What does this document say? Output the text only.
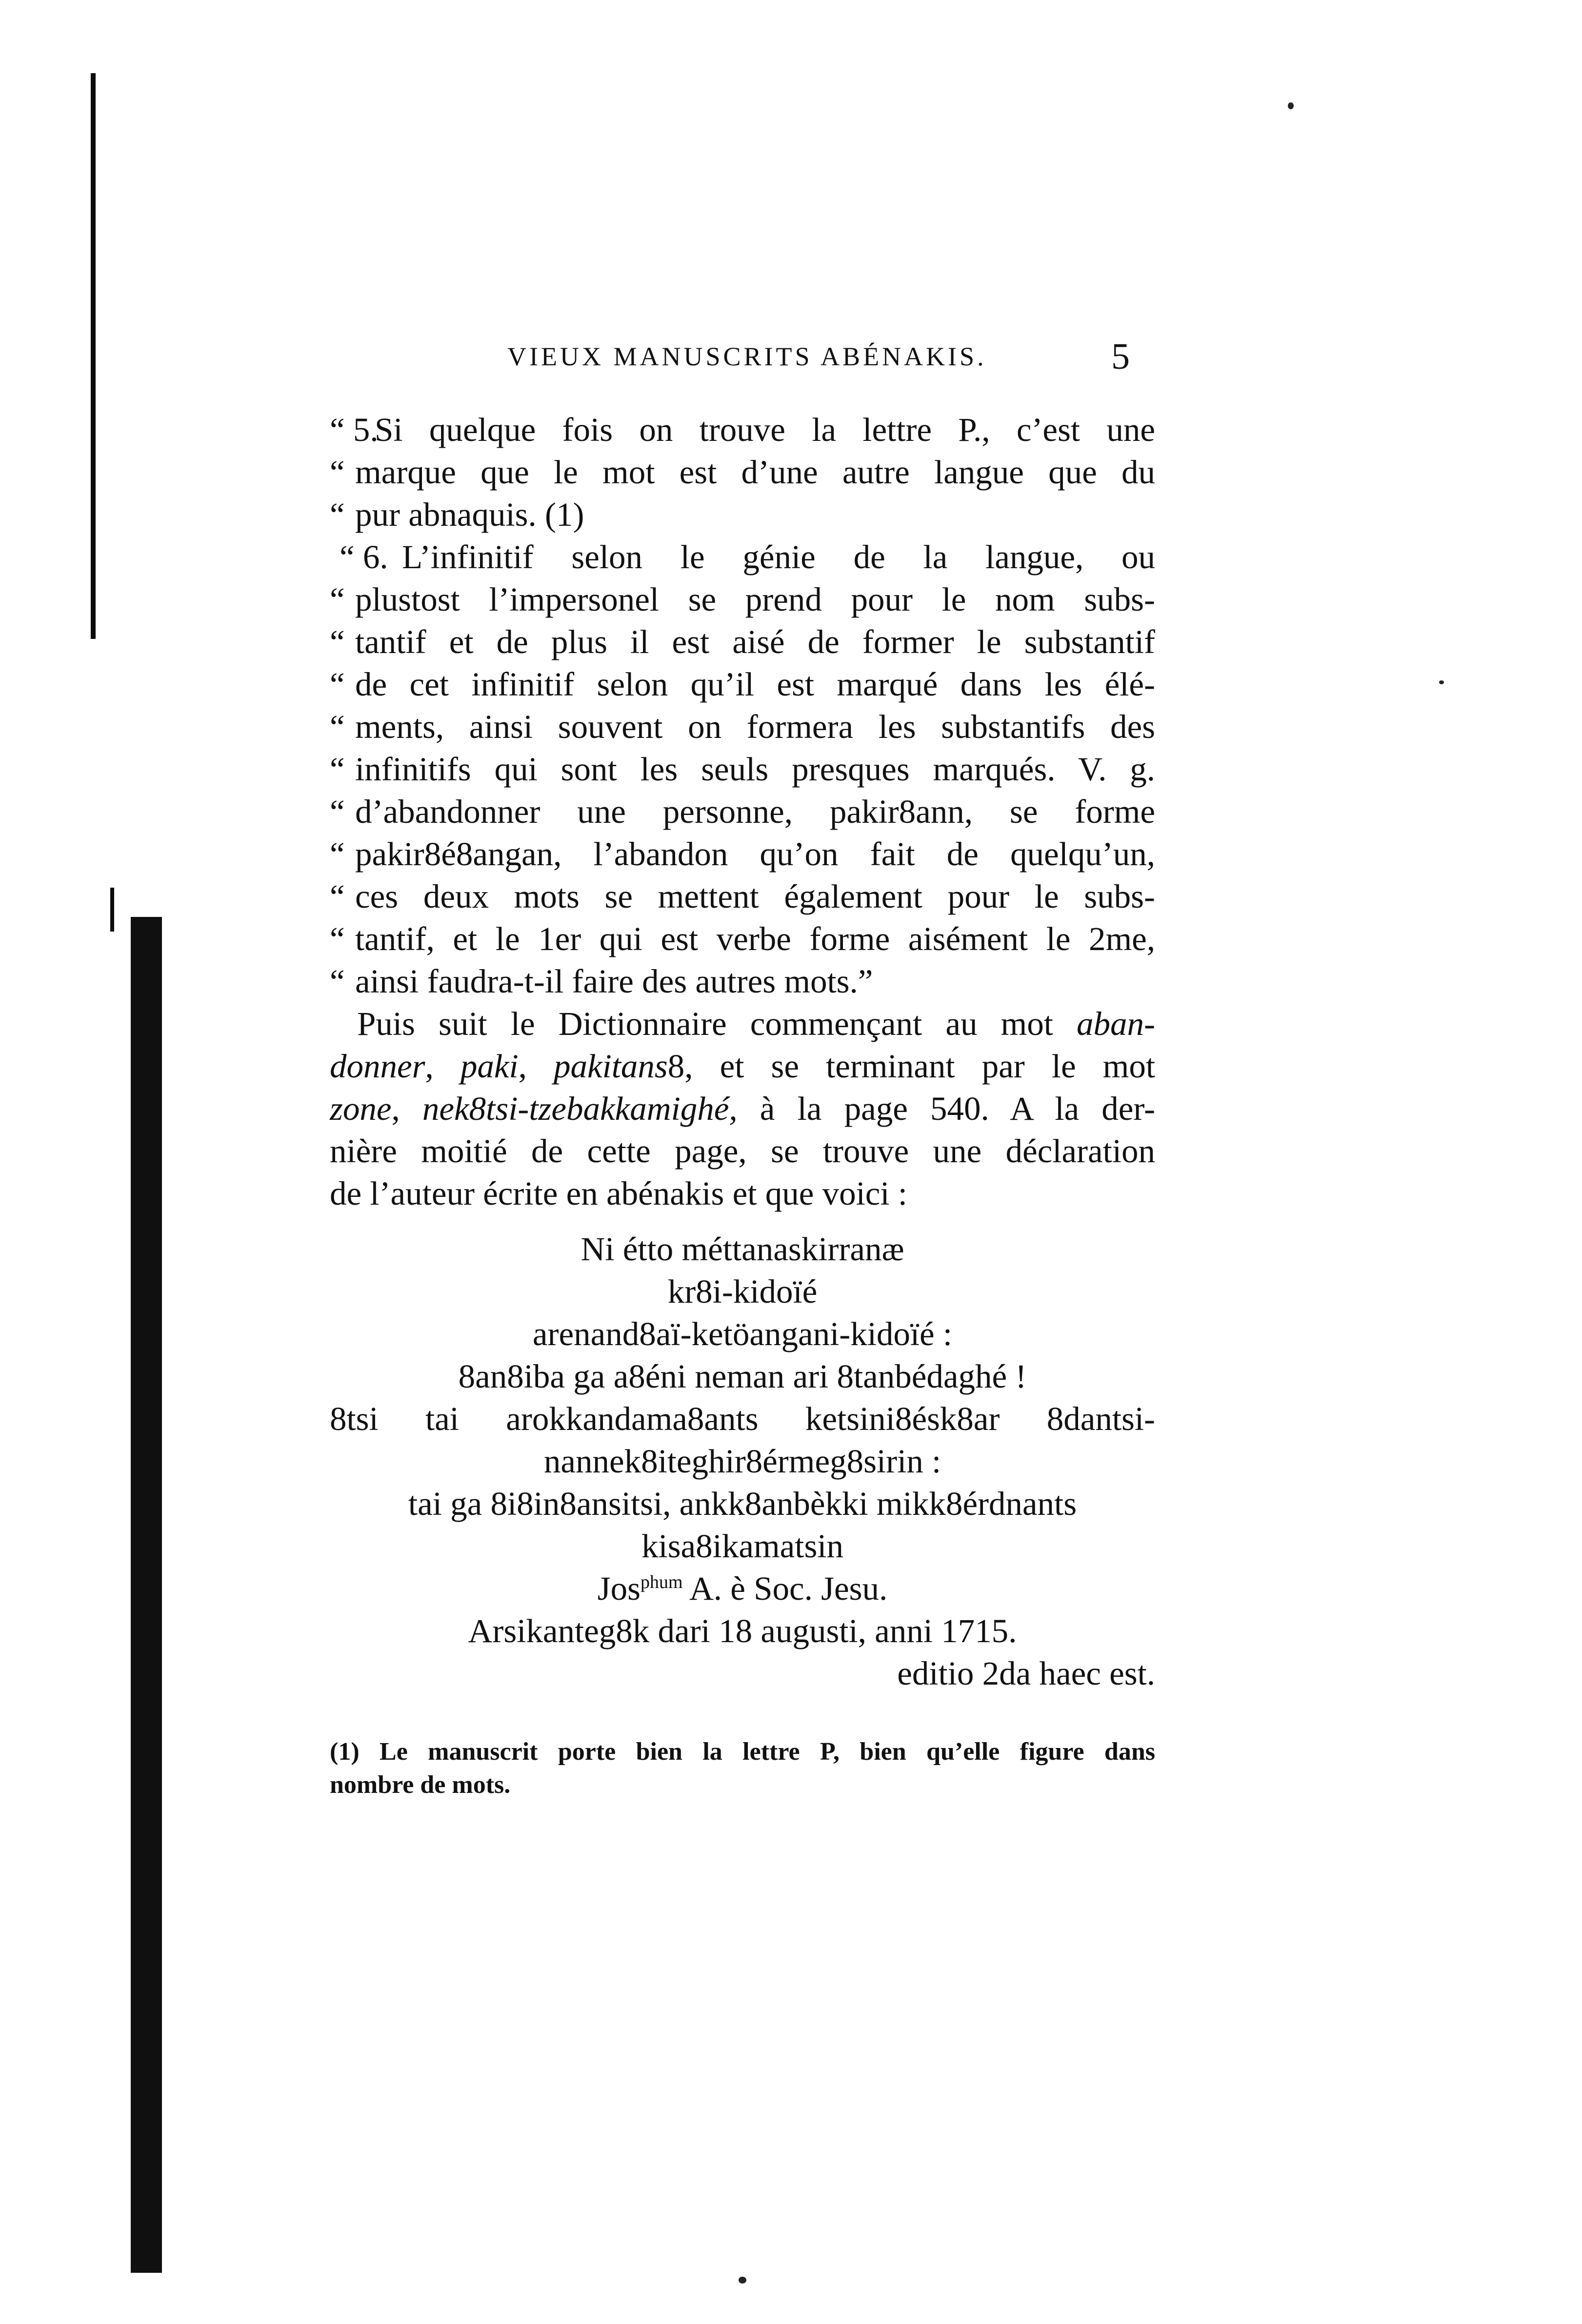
VIEUX MANUSCRITS ABÉNAKIS.	5
“ 5.
Si quelque fois on trouve la lettre P., c’est une
“ marque que le mot est d’une autre langue que du
“ pur abnaquis. (1)
“ 6. L’infinitif selon le génie de la langue, ou
“ plustost l’impersonel se prend pour le nom subs-
“ tantif et de plus il est aisé de former le substantif
“ de cet infinitif selon qu’il est marqué dans les élé-
“ ments, ainsi souvent on formera les substantifs des
“ infinitifs qui sont les seuls presques marqués. V. g.
“ d’abandonner une personne, pakir8ann, se forme
“ pakir8é8angan, l’abandon qu’on fait de quelqu’un,
“ ces deux mots se mettent également pour le subs-
“ tantif, et le 1er qui est verbe forme aisément le 2me,
“ ainsi faudra-t-il faire des autres mots.”
Puis suit le Dictionnaire commençant au mot aban-
donner, paki, pakitans8, et se terminant par le mot
zone, nek8tsi-tzebakkamighé, à la page 540. A la der-
nière moitié de cette page, se trouve une déclaration
de l’auteur écrite en abénakis et que voici :
Ni étto méttanaskirranæ
kr8i-kidoïé
arenand8aï-ketöangani-kidoïé :
8an8iba ga a8éni neman ari 8tanbédaghé !
8tsi tai arokkandama8ants ketsini8ésk8ar 8dantsi-
nannek8iteghir8érmeg8sirin :
tai ga 8i8in8ansitsi, ankk8anbèkki mikk8érdnants
kisa8ikamatsin
Jos$^{phum}$ A. è Soc. Jesu.
Arsikanteg8k dari 18 augusti, anni 1715.
editio 2da haec est.
(1) Le manuscrit porte bien la lettre P, bien qu’elle figure dans
nombre de mots.
